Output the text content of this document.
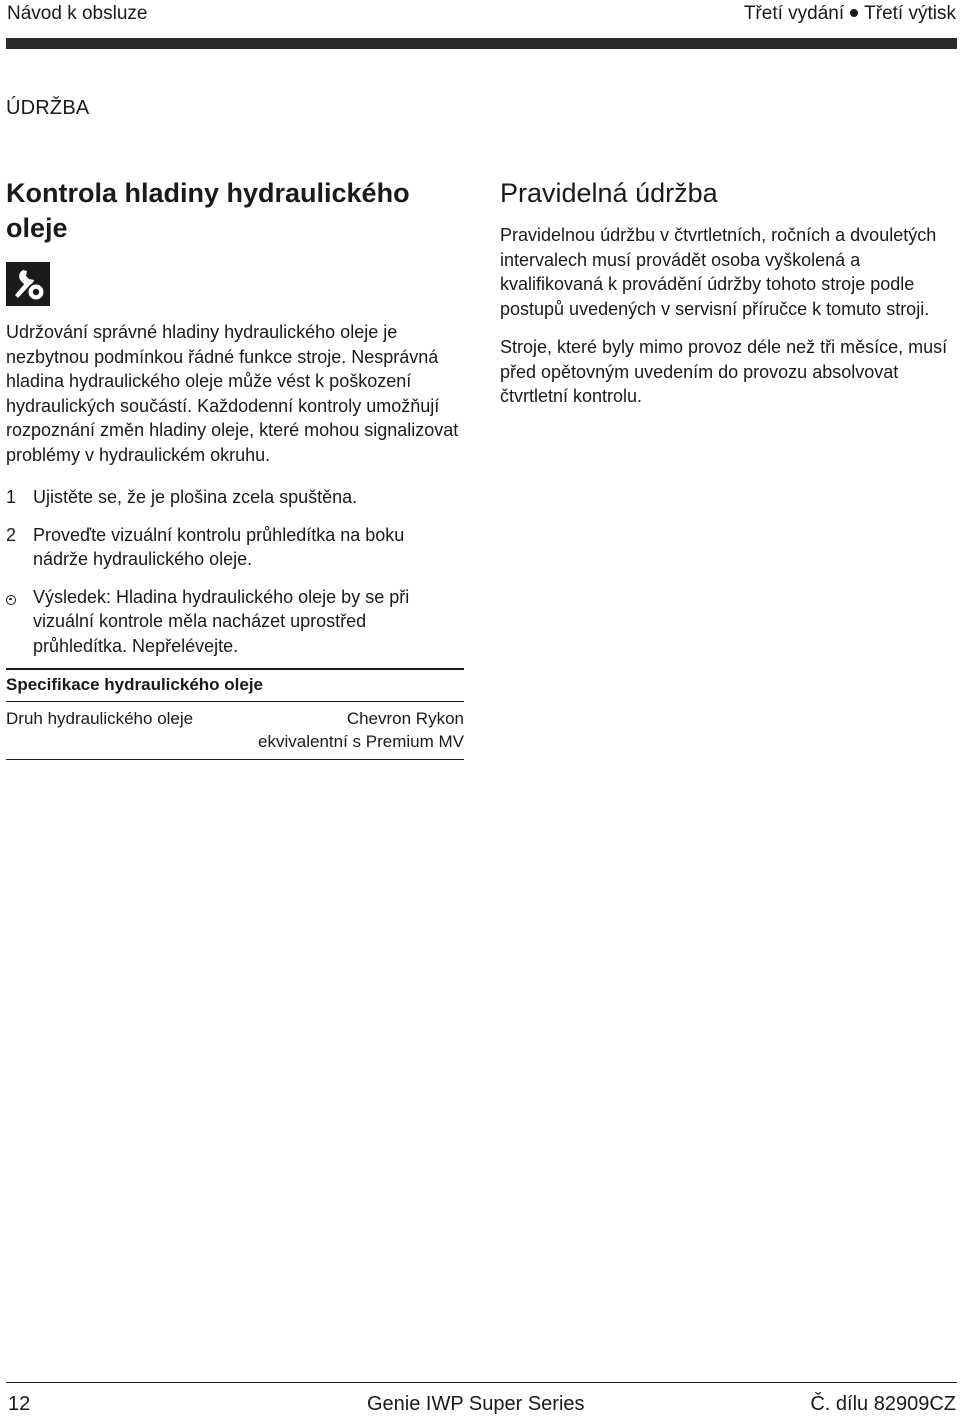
Návod k obsluze	Třetí vydání Třetí výtisk
ÚDRŽBA
Kontrola hladiny hydraulického oleje

Udržování správné hladiny hydraulického oleje je nezbytnou podmínkou řádné funkce stroje. Nesprávná hladina hydraulického oleje může vést k poškození hydraulických součástí. Každodenní kontroly umožňují rozpoznání změn hladiny oleje, které mohou signalizovat problémy v hydraulickém okruhu.

1 Ujistěte se, že je plošina zcela spuštěna.
2 Proveďte vizuální kontrolu průhledítka na boku nádrže hydraulického oleje.
Výsledek: Hladina hydraulického oleje by se při vizuální kontrole měla nacházet uprostřed průhledítka. Nepřelévejte.
Specifikace hydraulického oleje
Druh hydraulického oleje	Chevron Rykon
ekvivalentní s Premium MV
Pravidelná údržba

Pravidelnou údržbu v čtvrtletních, ročních a dvouletých intervalech musí provádět osoba vyškolená a kvalifikovaná k provádění údržby tohoto stroje podle postupů uvedených v servisní příručce k tomuto stroji.

Stroje, které byly mimo provoz déle než tři měsíce, musí před opětovným uvedením do provozu absolvovat čtvrtletní kontrolu.

12	Genie IWP Super Series	Č. dílu 82909CZ
